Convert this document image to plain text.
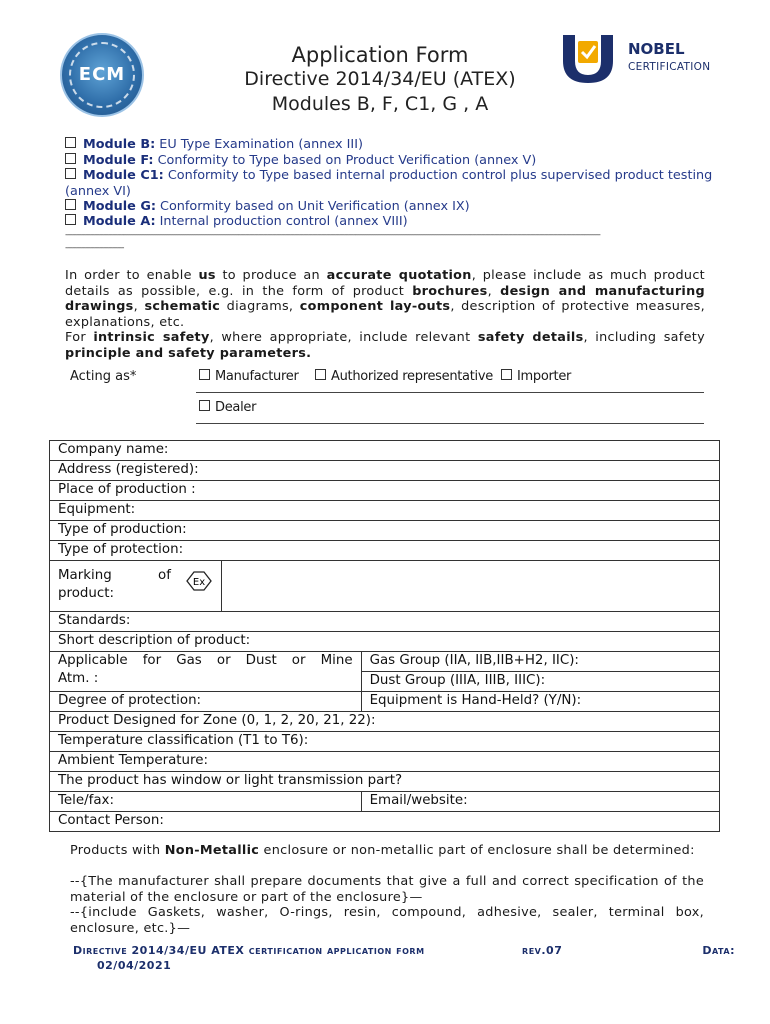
ECM
Application Form
Directive 2014/34/EU (ATEX)
Modules B, F, C1, G , A
NOBEL
CERTIFICATION
Module B: EU Type Examination (annex III)
Module F: Conformity to Type based on Product Verification (annex V)
Module C1: Conformity to Type based internal production control plus supervised product testing (annex VI)
Module G: Conformity based on Unit Verification (annex IX)
Module A: Internal production control (annex VIII)
----------------------------------------------------------------------------------------------------------------------------------------------------------------------------------------------------------------------------------------------
--------------------------
In order to enable us to produce an accurate quotation, please include as much product details as possible, e.g. in the form of product brochures, design and manufacturing drawings, schematic diagrams, component lay-outs, description of protective measures, explanations, etc.
For intrinsic safety, where appropriate, include relevant safety details, including safety principle and safety parameters.
Acting as*	Manufacturer	Authorized representative	Importer
Dealer
Company name:		
Address (registered):		
Place of production :		
Equipment:		
Type of production:		
Type of protection:		

Marking of
product:
Ex		

Standards:		
Short description of product:		

Applicable for Gas or Dust or Mine
Atm. :		Gas Group (IIA, IIB,IIB+H2, IIC):
		Dust Group (IIIA, IIIB, IIIC):
Degree of protection:		Equipment is Hand-Held? (Y/N):
Product Designed for Zone (0, 1, 2, 20, 21, 22):		
Temperature classification (T1 to T6):		
Ambient Temperature:		
The product has window or light transmission part?		
Tele/fax:		Email/website:
Contact Person:		
Products with Non-Metallic enclosure or non-metallic part of enclosure shall be determined:
--{The manufacturer shall prepare documents that give a full and correct specification of the material of the enclosure or part of the enclosure}—
--{include Gaskets, washer, O-rings, resin, compound, adhesive, sealer, terminal box, enclosure, etc.}—
Directive 2014/34/EU ATEX certification application form	rev.07	Data:
02/04/2021
